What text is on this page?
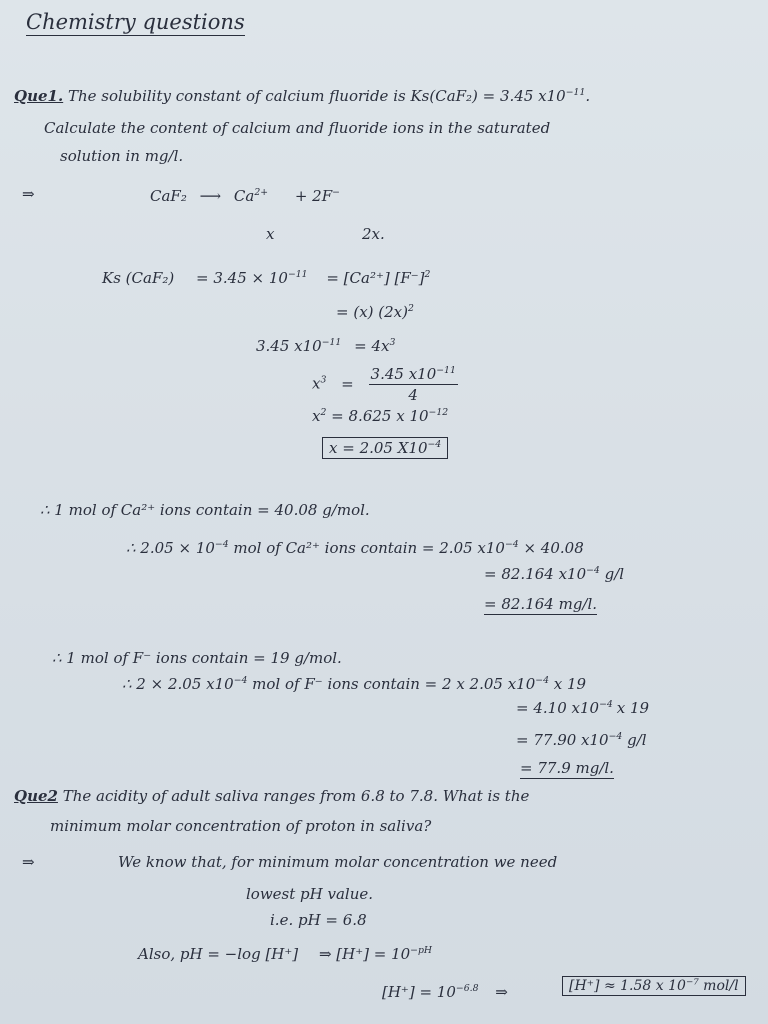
Chemistry questions
Que1. The solubility constant of calcium fluoride is Ks(CaF₂) = 3.45 $x10^{-11}$.
Calculate the content of calcium and fluoride ions in the saturated
solution in mg/l.
⇒	CaF₂ ⟶ $Ca^{2+} + 2F^-$
x	2x.
Ks $(CaF_2) = 3.45 \times 10^{-11} = [Ca^{2+}]$ $[F^-]^2$
= (x) $(2x)^2$
3.45 $x10^{-11} = 4x^3$
$x^3 = \frac{3.45 x10^{-11}}{4}$
$x^2 = 8.625$ x $10^{-12}$
x = 2.05 $X10^{-4}$
∴ 1 mol of Ca²⁺ ions contain = 40.08 g/mol.
∴ $2.05 \times 10^{-4}$ mol of Ca²⁺ ions contain = 2.05 $x10^{-4} \times 40.08$
= 82.164 $x10^{-4}$ g/l
= 82.164 mg/l.
∴ 1 mol of F⁻ ions contain = 19 g/mol.
∴ 2 × 2.05 $x10^{-4}$ mol of F⁻ ions contain = 2 x 2.05 $x10^{-4}$ x 19
= 4.10 $x10^{-4}$ x 19
= 77.90 $x10^{-4}$ g/l
= 77.9 mg/l.
Que2 The acidity of adult saliva ranges from 6.8 to 7.8. What is the
minimum molar concentration of proton in saliva?
⇒	We know that, for minimum molar concentration we need
lowest pH value.
i.e. pH = 6.8
Also, pH = −log [H⁺] ⇒ $[H^+] = 10^{-pH}$
$[H^+] = 10^{-6.8}$ ⇒	[H⁺] ≈ 1.58 x $10^{-7}$ mol/l
